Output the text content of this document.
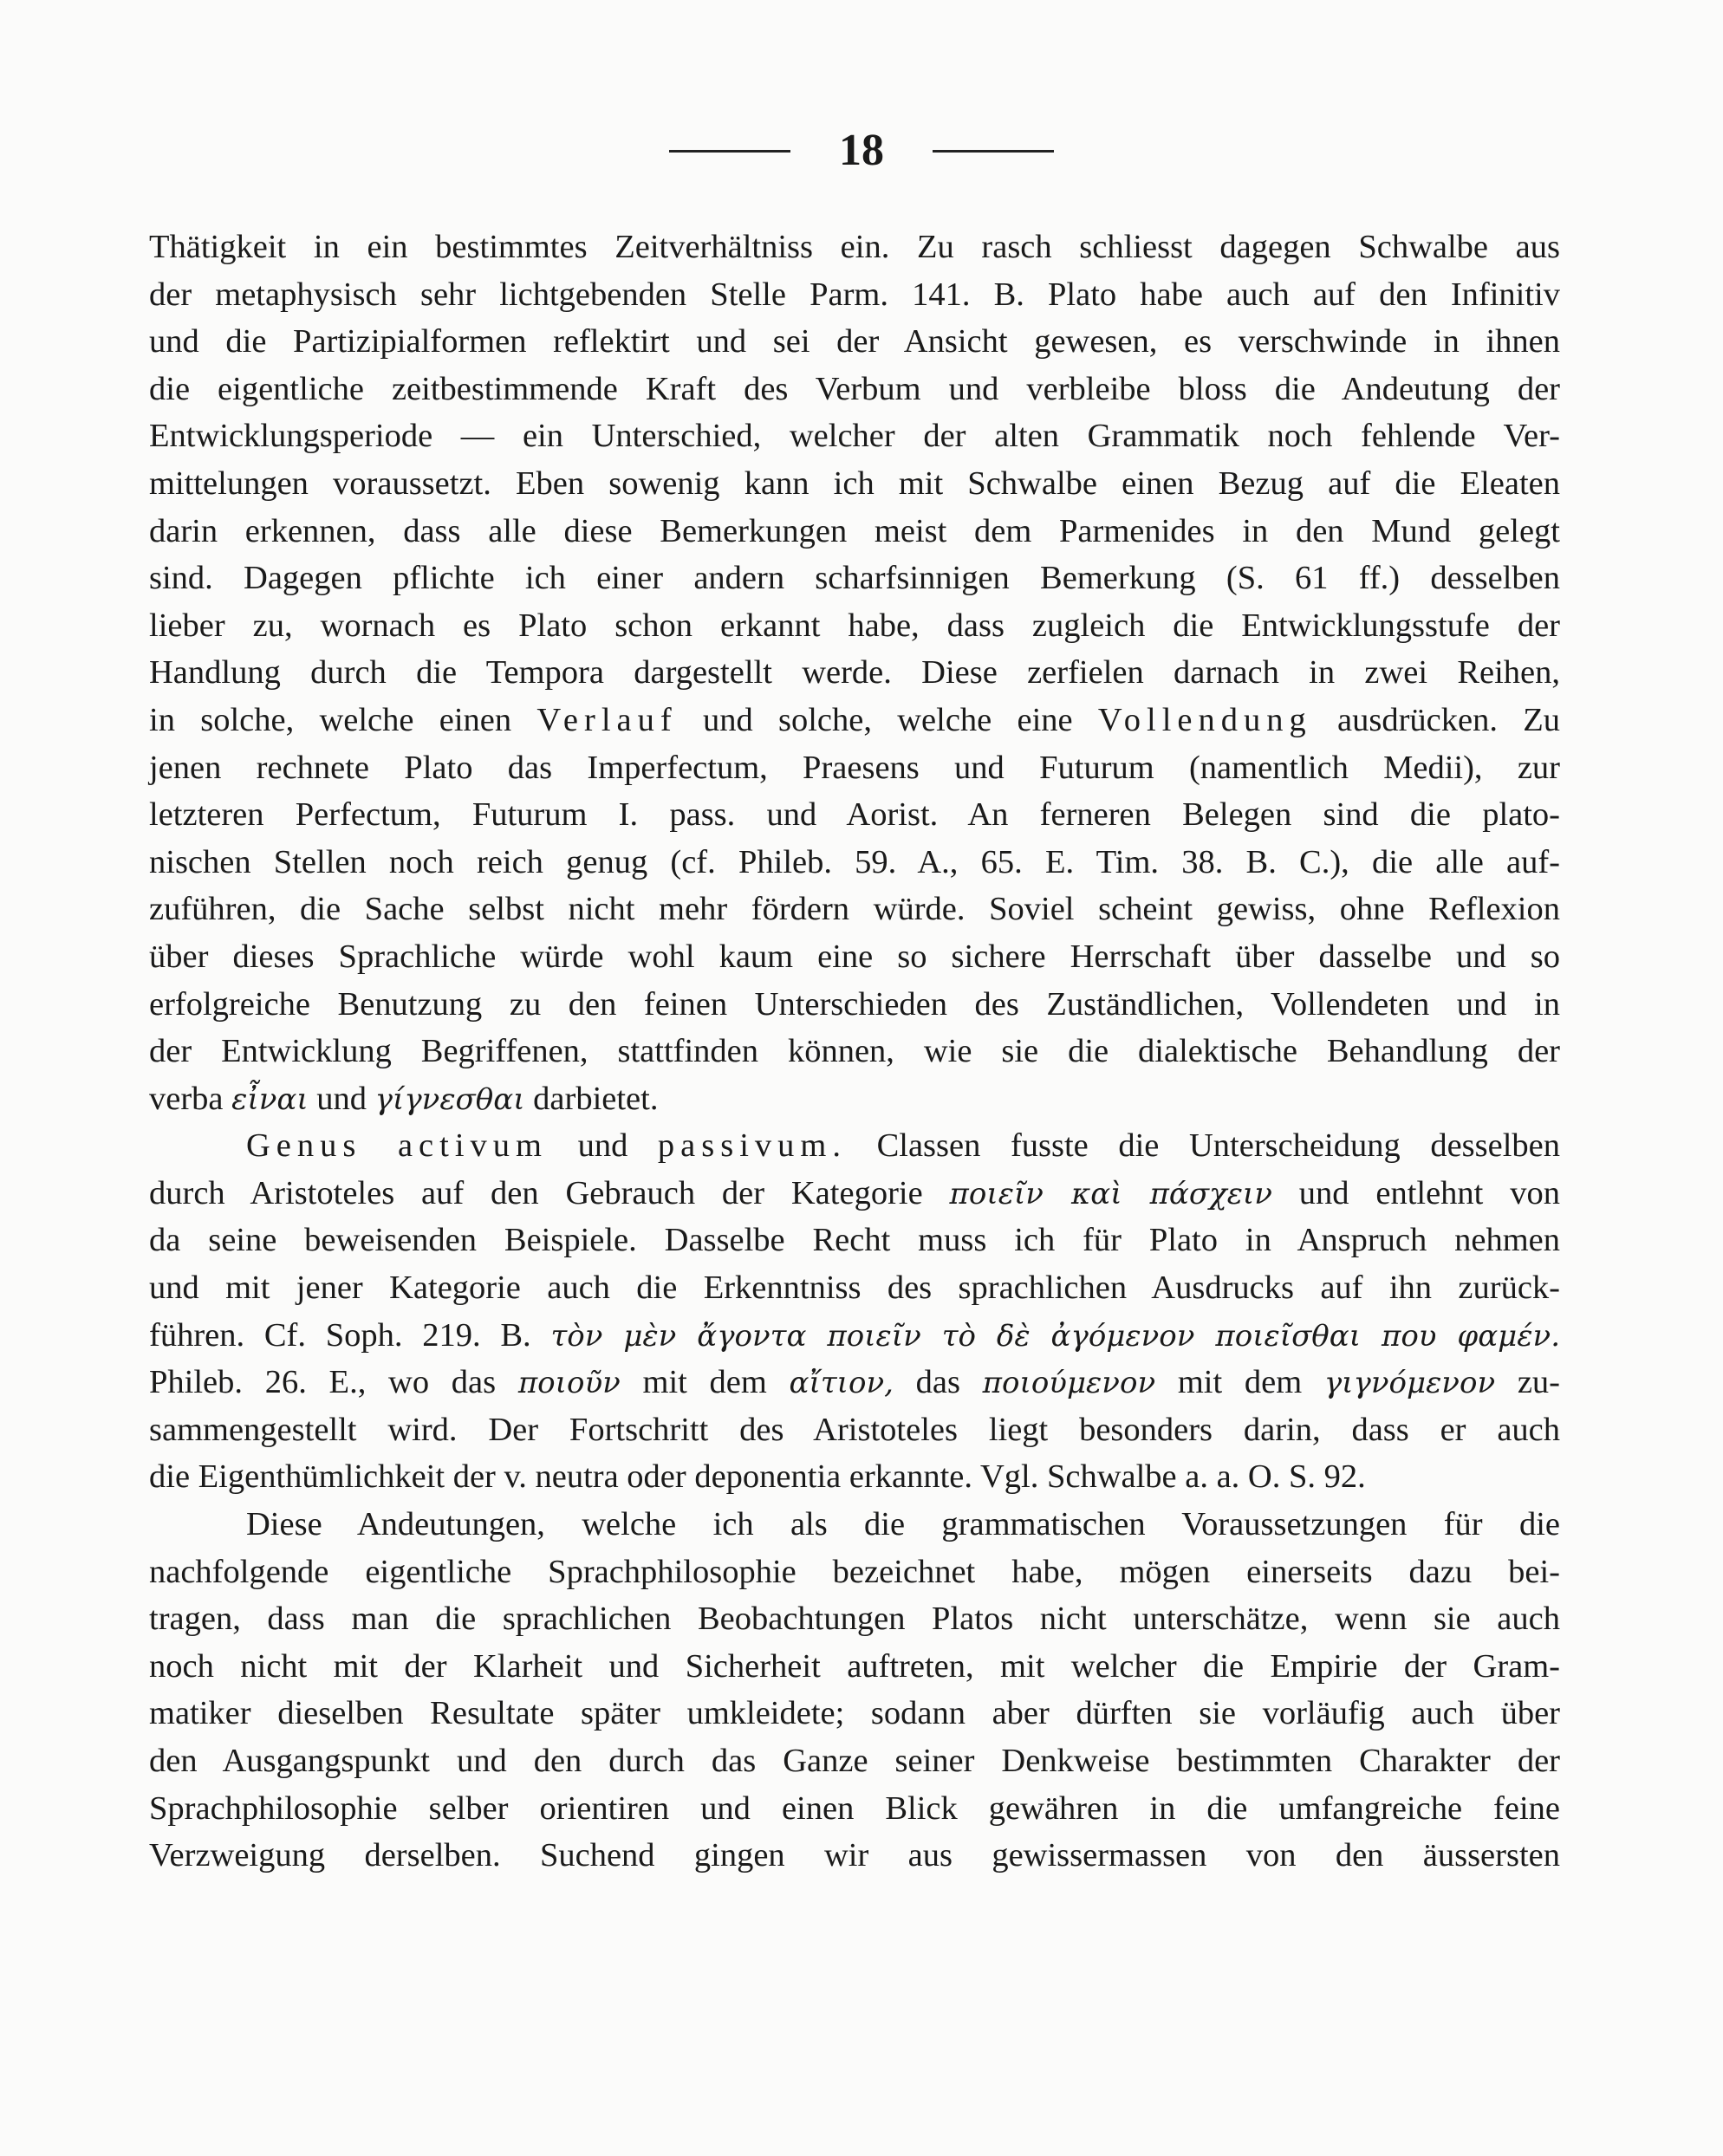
18
Thätigkeit in ein bestimmtes Zeitverhältniss ein. Zu rasch schliesst dagegen Schwalbe aus
der metaphysisch sehr lichtgebenden Stelle Parm. 141. B. Plato habe auch auf den Infinitiv
und die Partizipialformen reflektirt und sei der Ansicht gewesen, es verschwinde in ihnen
die eigentliche zeitbestimmende Kraft des Verbum und verbleibe bloss die Andeutung der
Entwicklungsperiode — ein Unterschied, welcher der alten Grammatik noch fehlende Ver-
mittelungen voraussetzt. Eben sowenig kann ich mit Schwalbe einen Bezug auf die Eleaten
darin erkennen, dass alle diese Bemerkungen meist dem Parmenides in den Mund gelegt
sind. Dagegen pflichte ich einer andern scharfsinnigen Bemerkung (S. 61 ff.) desselben
lieber zu, wornach es Plato schon erkannt habe, dass zugleich die Entwicklungsstufe der
Handlung durch die Tempora dargestellt werde. Diese zerfielen darnach in zwei Reihen,
in solche, welche einen Verlauf und solche, welche eine Vollendung ausdrücken. Zu
jenen rechnete Plato das Imperfectum, Praesens und Futurum (namentlich Medii), zur
letzteren Perfectum, Futurum I. pass. und Aorist. An ferneren Belegen sind die plato-
nischen Stellen noch reich genug (cf. Phileb. 59. A., 65. E. Tim. 38. B. C.), die alle auf-
zuführen, die Sache selbst nicht mehr fördern würde. Soviel scheint gewiss, ohne Reflexion
über dieses Sprachliche würde wohl kaum eine so sichere Herrschaft über dasselbe und so
erfolgreiche Benutzung zu den feinen Unterschieden des Zuständlichen, Vollendeten und in
der Entwicklung Begriffenen, stattfinden können, wie sie die dialektische Behandlung der
verba εἶναι und γίγνεσθαι darbietet.
Genus activum und passivum. Classen fusste die Unterscheidung desselben
durch Aristoteles auf den Gebrauch der Kategorie ποιεῖν καὶ πάσχειν und entlehnt von
da seine beweisenden Beispiele. Dasselbe Recht muss ich für Plato in Anspruch nehmen
und mit jener Kategorie auch die Erkenntniss des sprachlichen Ausdrucks auf ihn zurück-
führen. Cf. Soph. 219. B. τὸν μὲν ἄγοντα ποιεῖν τὸ δὲ ἀγόμενον ποιεῖσθαι που φαμέν.
Phileb. 26. E., wo das ποιοῦν mit dem αἴτιον, das ποιούμενον mit dem γιγνόμενον zu-
sammengestellt wird. Der Fortschritt des Aristoteles liegt besonders darin, dass er auch
die Eigenthümlichkeit der v. neutra oder deponentia erkannte. Vgl. Schwalbe a. a. O. S. 92.
Diese Andeutungen, welche ich als die grammatischen Voraussetzungen für die
nachfolgende eigentliche Sprachphilosophie bezeichnet habe, mögen einerseits dazu bei-
tragen, dass man die sprachlichen Beobachtungen Platos nicht unterschätze, wenn sie auch
noch nicht mit der Klarheit und Sicherheit auftreten, mit welcher die Empirie der Gram-
matiker dieselben Resultate später umkleidete; sodann aber dürften sie vorläufig auch über
den Ausgangspunkt und den durch das Ganze seiner Denkweise bestimmten Charakter der
Sprachphilosophie selber orientiren und einen Blick gewähren in die umfangreiche feine
Verzweigung derselben. Suchend gingen wir aus gewissermassen von den äussersten
